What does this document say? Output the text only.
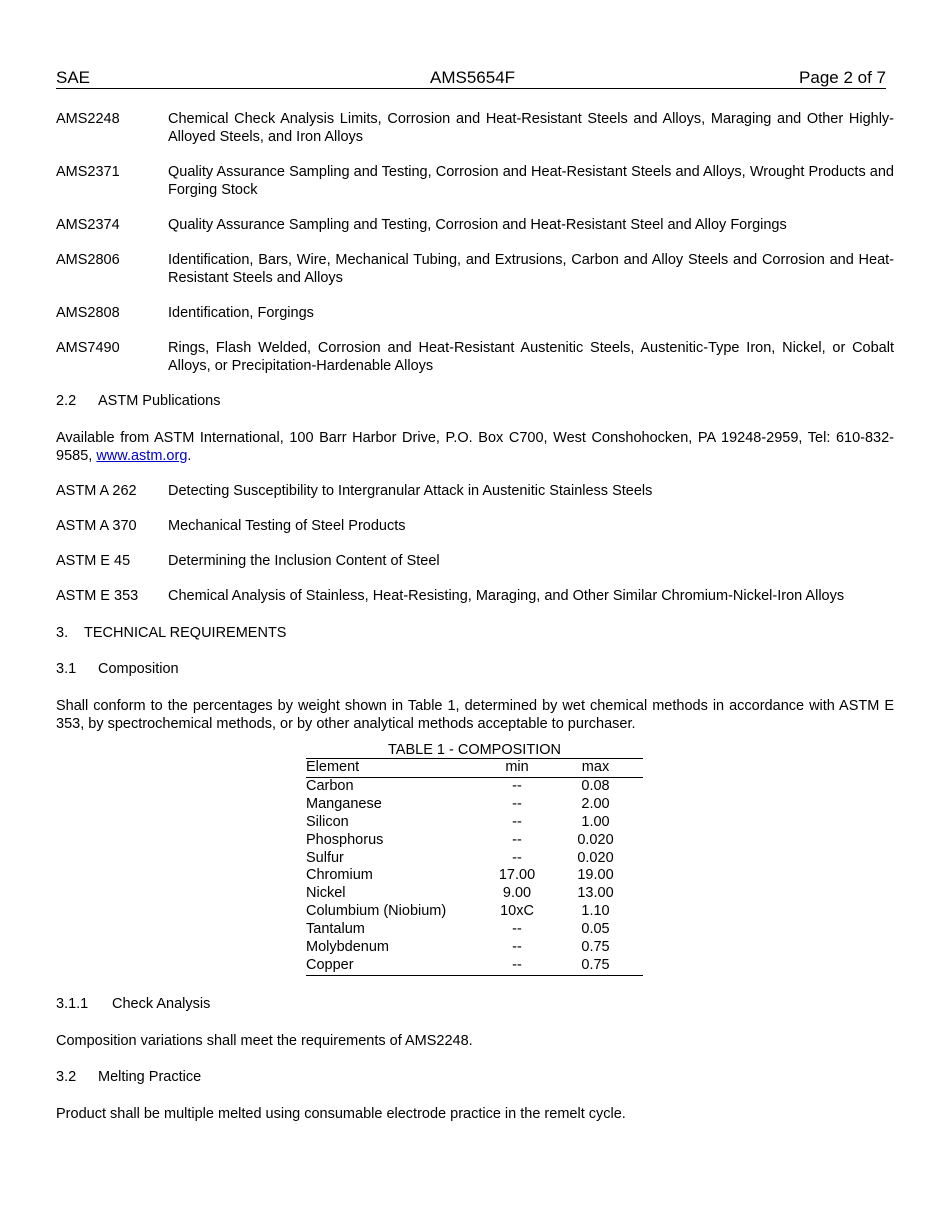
SAE	AMS5654F	Page 2 of 7
AMS2248	Chemical Check Analysis Limits, Corrosion and Heat-Resistant Steels and Alloys, Maraging and Other Highly-Alloyed Steels, and Iron Alloys
AMS2371	Quality Assurance Sampling and Testing, Corrosion and Heat-Resistant Steels and Alloys, Wrought Products and Forging Stock
AMS2374	Quality Assurance Sampling and Testing, Corrosion and Heat-Resistant Steel and Alloy Forgings
AMS2806	Identification, Bars, Wire, Mechanical Tubing, and Extrusions, Carbon and Alloy Steels and Corrosion and Heat-Resistant Steels and Alloys
AMS2808	Identification, Forgings
AMS7490	Rings, Flash Welded, Corrosion and Heat-Resistant Austenitic Steels, Austenitic-Type Iron, Nickel, or Cobalt Alloys, or Precipitation-Hardenable Alloys
2.2 ASTM Publications
Available from ASTM International, 100 Barr Harbor Drive, P.O. Box C700, West Conshohocken, PA 19248-2959, Tel: 610-832-9585, www.astm.org.
ASTM A 262	Detecting Susceptibility to Intergranular Attack in Austenitic Stainless Steels
ASTM A 370	Mechanical Testing of Steel Products
ASTM E 45	Determining the Inclusion Content of Steel
ASTM E 353	Chemical Analysis of Stainless, Heat-Resisting, Maraging, and Other Similar Chromium-Nickel-Iron Alloys
3. TECHNICAL REQUIREMENTS
3.1 Composition
Shall conform to the percentages by weight shown in Table 1, determined by wet chemical methods in accordance with ASTM E 353, by spectrochemical methods, or by other analytical methods acceptable to purchaser.
TABLE 1 - COMPOSITION
Element	min	max
Carbon	--	0.08
Manganese	--	2.00
Silicon	--	1.00
Phosphorus	--	0.020
Sulfur	--	0.020
Chromium	17.00	19.00
Nickel	9.00	13.00
Columbium (Niobium)	10xC	1.10
Tantalum	--	0.05
Molybdenum	--	0.75
Copper	--	0.75
3.1.1 Check Analysis
Composition variations shall meet the requirements of AMS2248.
3.2 Melting Practice
Product shall be multiple melted using consumable electrode practice in the remelt cycle.
